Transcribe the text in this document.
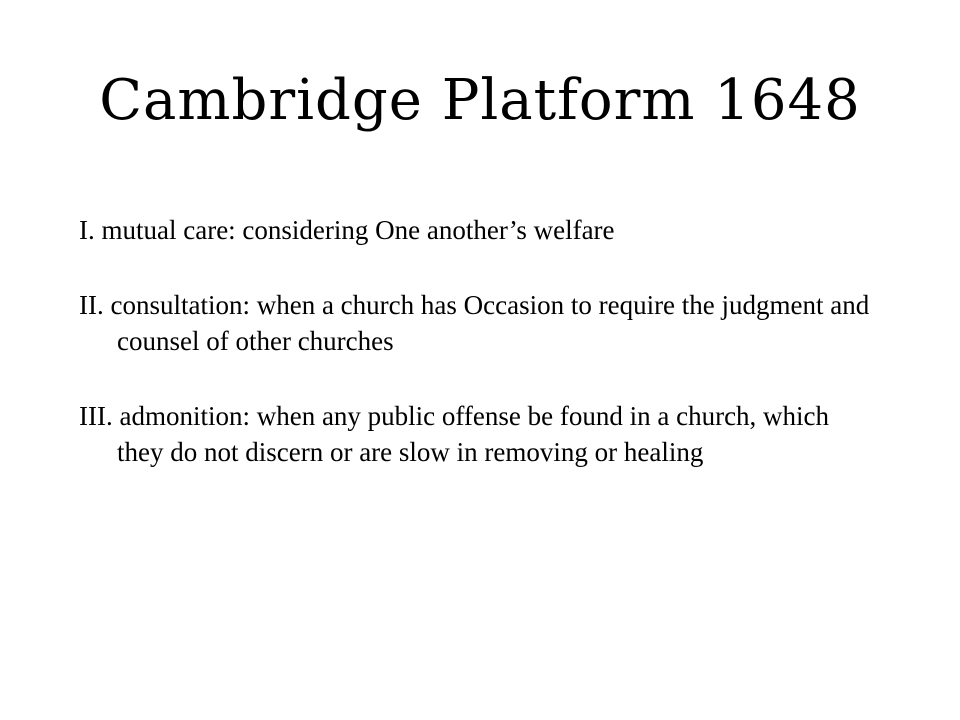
Cambridge Platform 1648
I. mutual care: considering One another’s welfare
II. consultation: when a church has Occasion to require the judgment and counsel of other churches
III. admonition: when any public offense be found in a church, which they do not discern or are slow in removing or healing
